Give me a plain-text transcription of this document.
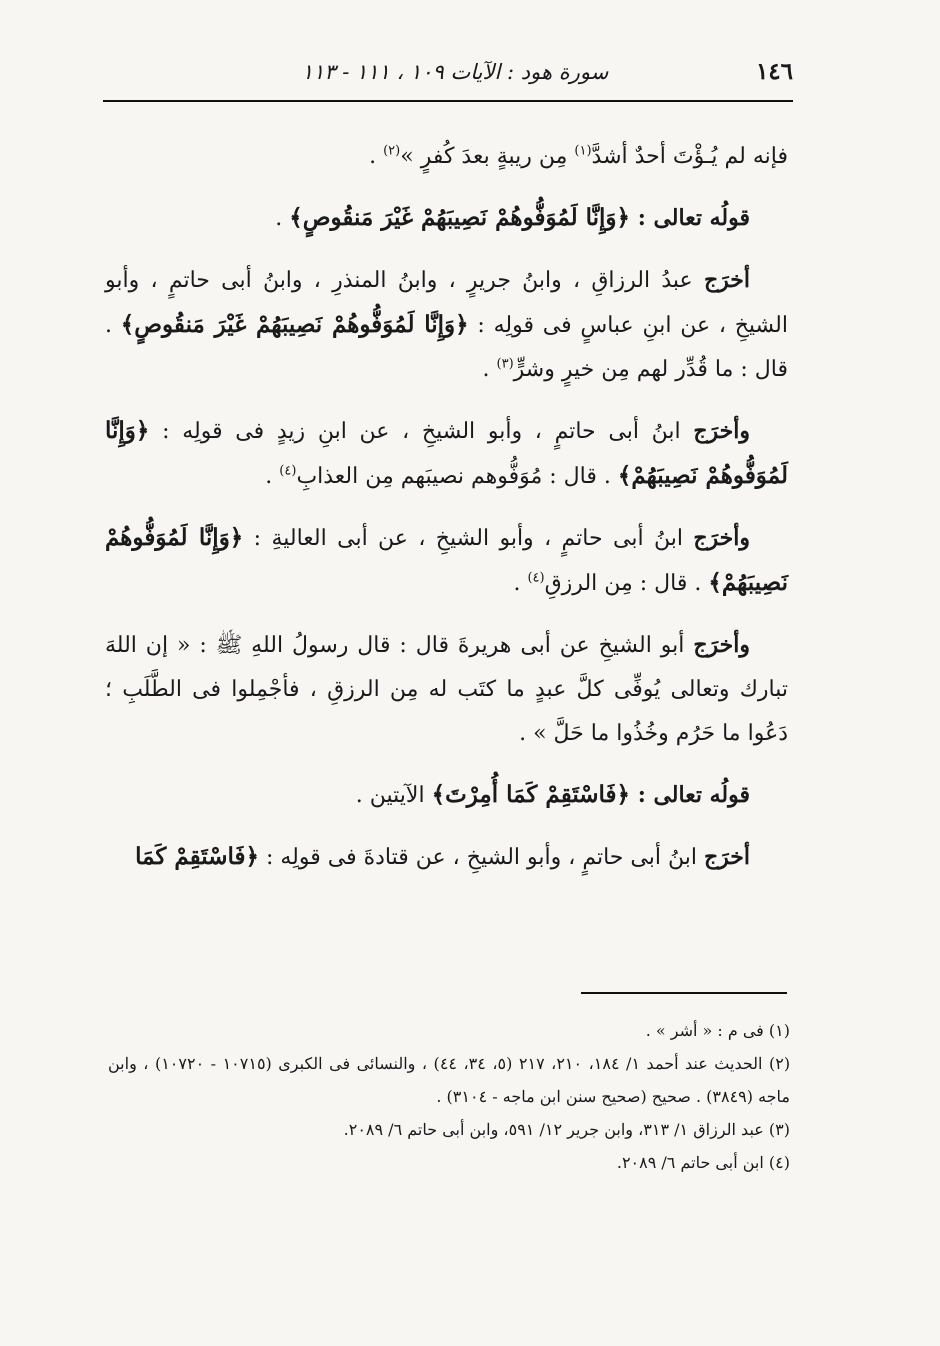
١٤٦
سورة هود : الآيات ١٠٩ ، ١١١ - ١١٣

فإنه لم يُـؤْتَ أحدٌ أشدَّ$^{(١)}$ مِن ريبةٍ بعدَ كُفرٍ »$^{(٢)}$ .

قولُه تعالى : ﴿وَإِنَّا لَمُوَفُّوهُمْ نَصِيبَهُمْ غَيْرَ مَنقُوصٍ﴾ .

أخرَج عبدُ الرزاقِ ، وابنُ جريرٍ ، وابنُ المنذرِ ، وابنُ أبى حاتمٍ ، وأبو الشيخِ ، عن ابنِ عباسٍ فى قولِه : ﴿وَإِنَّا لَمُوَفُّوهُمْ نَصِيبَهُمْ غَيْرَ مَنقُوصٍ﴾ . قال : ما قُدِّر لهم مِن خيرٍ وشرٍّ$^{(٣)}$ .

وأخرَج ابنُ أبى حاتمٍ ، وأبو الشيخِ ، عن ابنِ زيدٍ فى قولِه : ﴿وَإِنَّا لَمُوَفُّوهُمْ نَصِيبَهُمْ﴾ . قال : مُوَفُّوهم نصيبَهم مِن العذابِ$^{(٤)}$ .

وأخرَج ابنُ أبى حاتمٍ ، وأبو الشيخِ ، عن أبى العاليةِ : ﴿وَإِنَّا لَمُوَفُّوهُمْ نَصِيبَهُمْ﴾ . قال : مِن الرزقِ$^{(٤)}$ .

وأخرَج أبو الشيخِ عن أبى هريرةَ قال : قال رسولُ اللهِ ﷺ : « إن اللهَ تبارك وتعالى يُوفِّى كلَّ عبدٍ ما كتَب له مِن الرزقِ ، فأجْمِلوا فى الطَّلَبِ ؛ دَعُوا ما حَرُم وخُذُوا ما حَلَّ » .

قولُه تعالى : ﴿فَاسْتَقِمْ كَمَا أُمِرْتَ﴾ الآيتين .

أخرَج ابنُ أبى حاتمٍ ، وأبو الشيخِ ، عن قتادةَ فى قولِه : ﴿فَاسْتَقِمْ كَمَا

(١) فى م : « أشر » .

(٢) الحديث عند أحمد ١/ ١٨٤، ٢١٠، ٢١٧ (٥، ٣٤، ٤٤) ، والنسائى فى الكبرى (١٠٧١٥ - ١٠٧٢٠) ، وابن ماجه (٣٨٤٩) . صحيح (صحيح سنن ابن ماجه - ٣١٠٤) .

(٣) عبد الرزاق ١/ ٣١٣، وابن جرير ١٢/ ٥٩١، وابن أبى حاتم ٦/ ٢٠٨٩.

(٤) ابن أبى حاتم ٦/ ٢٠٨٩.
